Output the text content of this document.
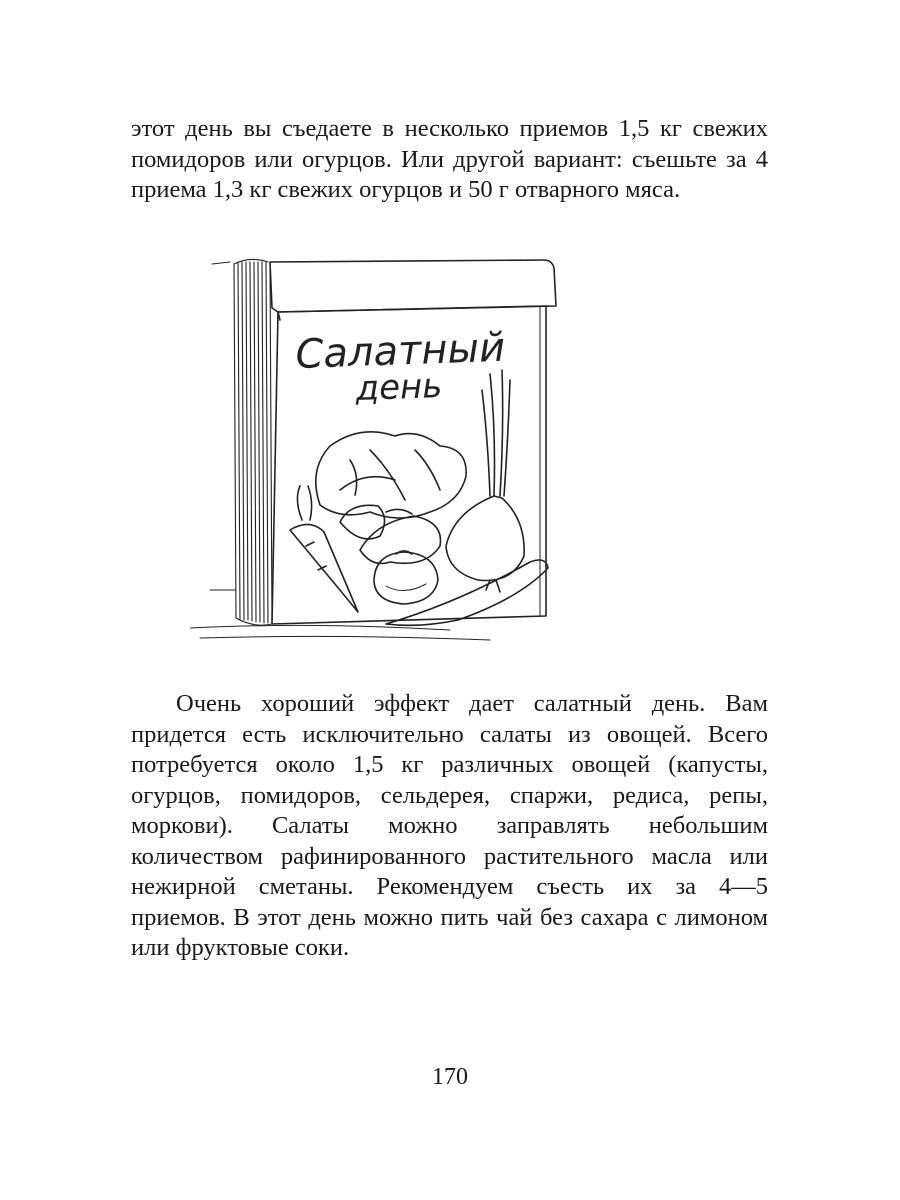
этот день вы съедаете в несколько приемов 1,5 кг свежих
помидоров или огурцов. Или другой вариант: съешьте за 4
приема 1,3 кг свежих огурцов и 50 г отварного мяса.
Салатный
день
Очень хороший эффект дает салатный день. Вам
придется есть исключительно салаты из овощей. Всего
потребуется около 1,5 кг различных овощей (капусты,
огурцов, помидоров, сельдерея, спаржи, редиса, репы,
моркови). Салаты можно заправлять небольшим
количеством рафинированного растительного масла или
нежирной сметаны. Рекомендуем съесть их за 4—5
приемов. В этот день можно пить чай без сахара с лимоном
или фруктовые соки.
170
